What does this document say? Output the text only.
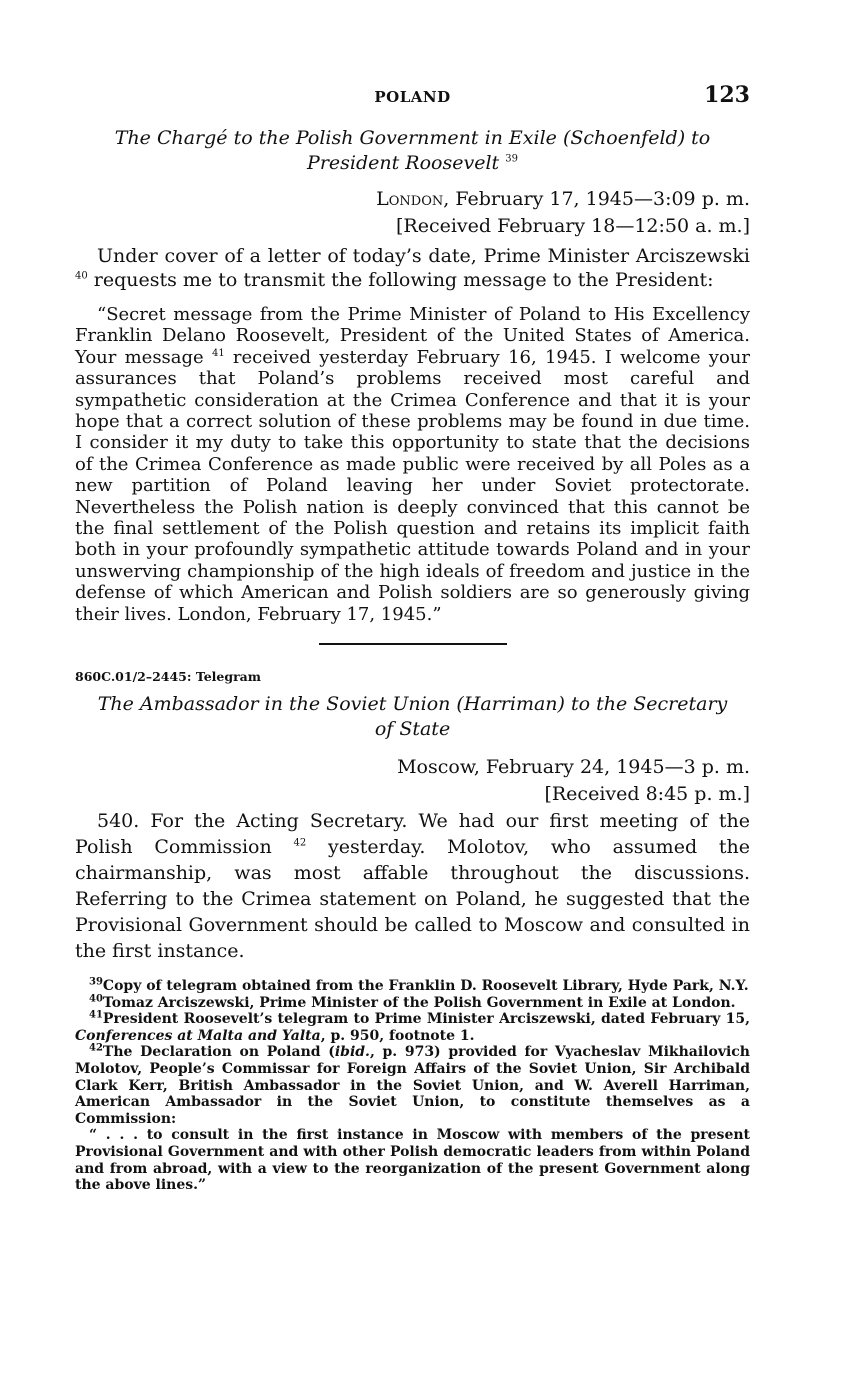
POLAND	123
The Chargé to the Polish Government in Exile (Schoenfeld) to
President Roosevelt $^{39}$
London, February 17, 1945—3:09 p. m.
[Received February 18—12:50 a. m.]

Under cover of a letter of today’s date, Prime Minister Arciszewski $^{40}$ requests me to transmit the following message to the President:

“Secret message from the Prime Minister of Poland to His Excellency Franklin Delano Roosevelt, President of the United States of America. Your message $^{41}$ received yesterday February 16, 1945. I welcome your assurances that Poland’s problems received most careful and sympathetic consideration at the Crimea Conference and that it is your hope that a correct solution of these problems may be found in due time. I consider it my duty to take this opportunity to state that the decisions of the Crimea Conference as made public were received by all Poles as a new partition of Poland leaving her under Soviet protectorate. Nevertheless the Polish nation is deeply convinced that this cannot be the final settlement of the Polish question and retains its implicit faith both in your profoundly sympathetic attitude towards Poland and in your unswerving championship of the high ideals of freedom and justice in the defense of which American and Polish soldiers are so generously giving their lives. London, February 17, 1945.”

860C.01/2–2445: Telegram

The Ambassador in the Soviet Union (Harriman) to the Secretary
of State
Moscow, February 24, 1945—3 p. m.
[Received 8:45 p. m.]

540. For the Acting Secretary. We had our first meeting of the Polish Commission $^{42}$ yesterday. Molotov, who assumed the chairmanship, was most affable throughout the discussions. Referring to the Crimea statement on Poland, he suggested that the Provisional Government should be called to Moscow and consulted in the first instance.

$^{39}$Copy of telegram obtained from the Franklin D. Roosevelt Library, Hyde Park, N.Y.

$^{40}$Tomaz Arciszewski, Prime Minister of the Polish Government in Exile at London.

$^{41}$President Roosevelt’s telegram to Prime Minister Arciszewski, dated February 15, Conferences at Malta and Yalta, p. 950, footnote 1.

$^{42}$The Declaration on Poland (ibid., p. 973) provided for Vyacheslav Mikhailovich Molotov, People’s Commissar for Foreign Affairs of the Soviet Union, Sir Archibald Clark Kerr, British Ambassador in the Soviet Union, and W. Averell Harriman, American Ambassador in the Soviet Union, to constitute themselves as a Commission:

“ . . . to consult in the first instance in Moscow with members of the present Provisional Government and with other Polish democratic leaders from within Poland and from abroad, with a view to the reorganization of the present Government along the above lines.”
